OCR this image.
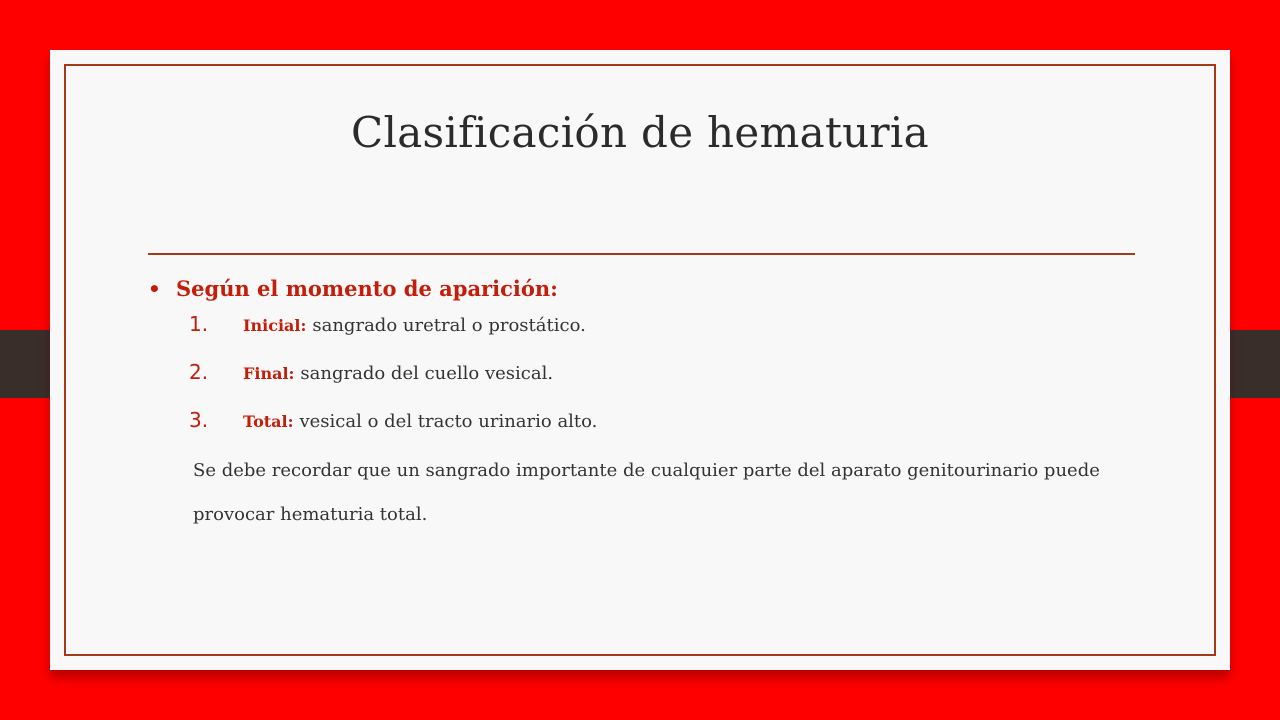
Clasificación de hematuria
• Según el momento de aparición:
1.	Inicial: sangrado uretral o prostático.
2.	Final: sangrado del cuello vesical.
3.	Total: vesical o del tracto urinario alto.
Se debe recordar que un sangrado importante de cualquier parte del aparato genitourinario puede provocar hematuria total.
